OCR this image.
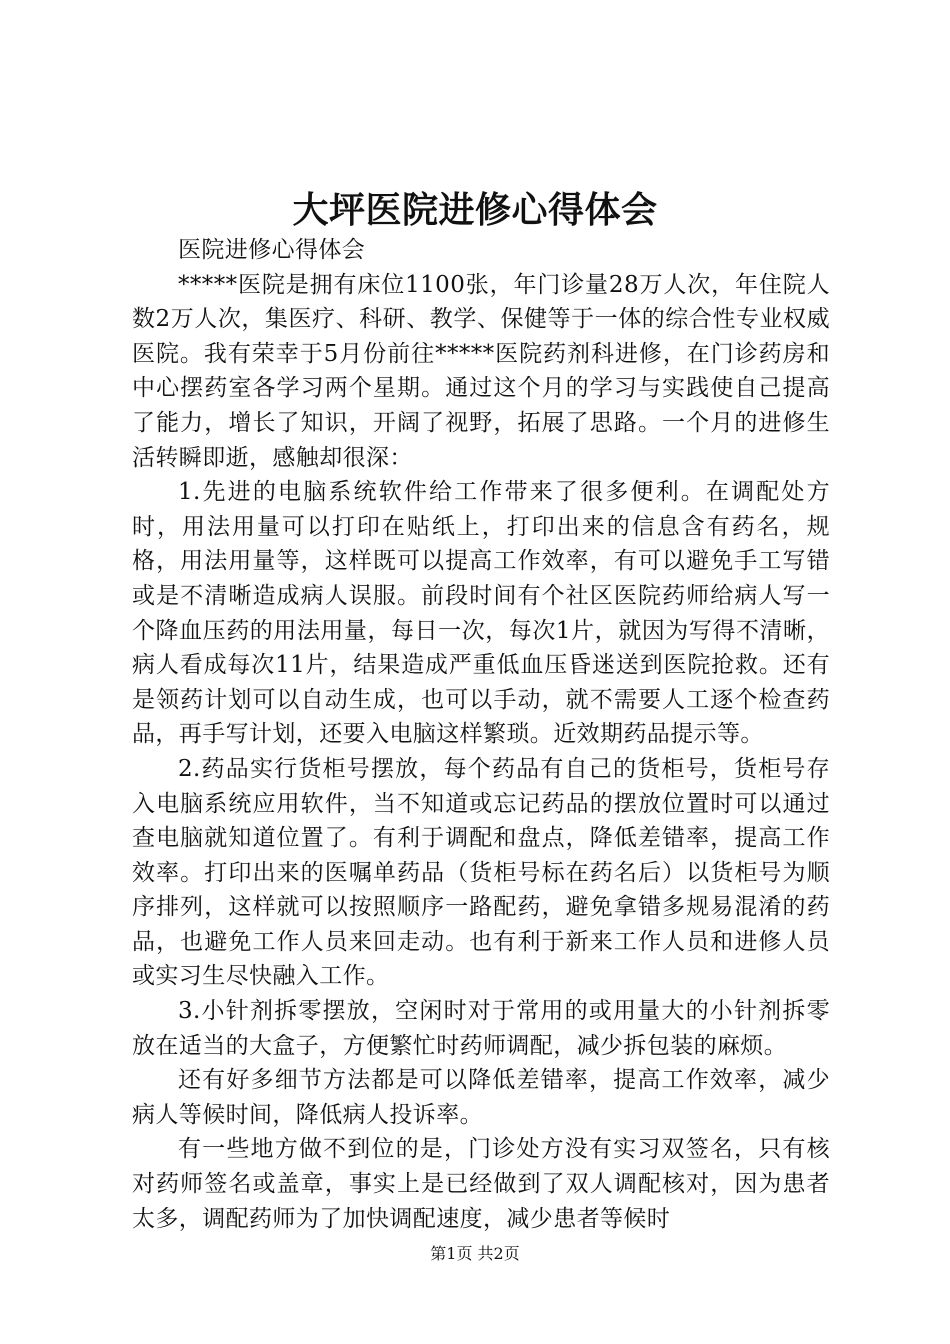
大坪医院进修心得体会

医院进修心得体会

*****医院是拥有床位1100张，年门诊量28万人次，年住院人数2万人次，集医疗、科研、教学、保健等于一体的综合性专业权威医院。我有荣幸于5月份前往*****医院药剂科进修，在门诊药房和中心摆药室各学习两个星期。通过这个月的学习与实践使自己提高了能力，增长了知识，开阔了视野，拓展了思路。一个月的进修生活转瞬即逝，感触却很深：

1.先进的电脑系统软件给工作带来了很多便利。在调配处方时，用法用量可以打印在贴纸上，打印出来的信息含有药名，规格，用法用量等，这样既可以提高工作效率，有可以避免手工写错或是不清晰造成病人误服。前段时间有个社区医院药师给病人写一个降血压药的用法用量，每日一次，每次1片，就因为写得不清晰，病人看成每次11片，结果造成严重低血压昏迷送到医院抢救。还有是领药计划可以自动生成，也可以手动，就不需要人工逐个检查药品，再手写计划，还要入电脑这样繁琐。近效期药品提示等。

2.药品实行货柜号摆放，每个药品有自己的货柜号，货柜号存入电脑系统应用软件，当不知道或忘记药品的摆放位置时可以通过查电脑就知道位置了。有利于调配和盘点，降低差错率，提高工作效率。打印出来的医嘱单药品（货柜号标在药名后）以货柜号为顺序排列，这样就可以按照顺序一路配药，避免拿错多规易混淆的药品，也避免工作人员来回走动。也有利于新来工作人员和进修人员或实习生尽快融入工作。

3.小针剂拆零摆放，空闲时对于常用的或用量大的小针剂拆零放在适当的大盒子，方便繁忙时药师调配，减少拆包装的麻烦。

还有好多细节方法都是可以降低差错率，提高工作效率，减少病人等候时间，降低病人投诉率。

有一些地方做不到位的是，门诊处方没有实习双签名，只有核对药师签名或盖章，事实上是已经做到了双人调配核对，因为患者太多，调配药师为了加快调配速度，减少患者等候时

第1页 共2页
